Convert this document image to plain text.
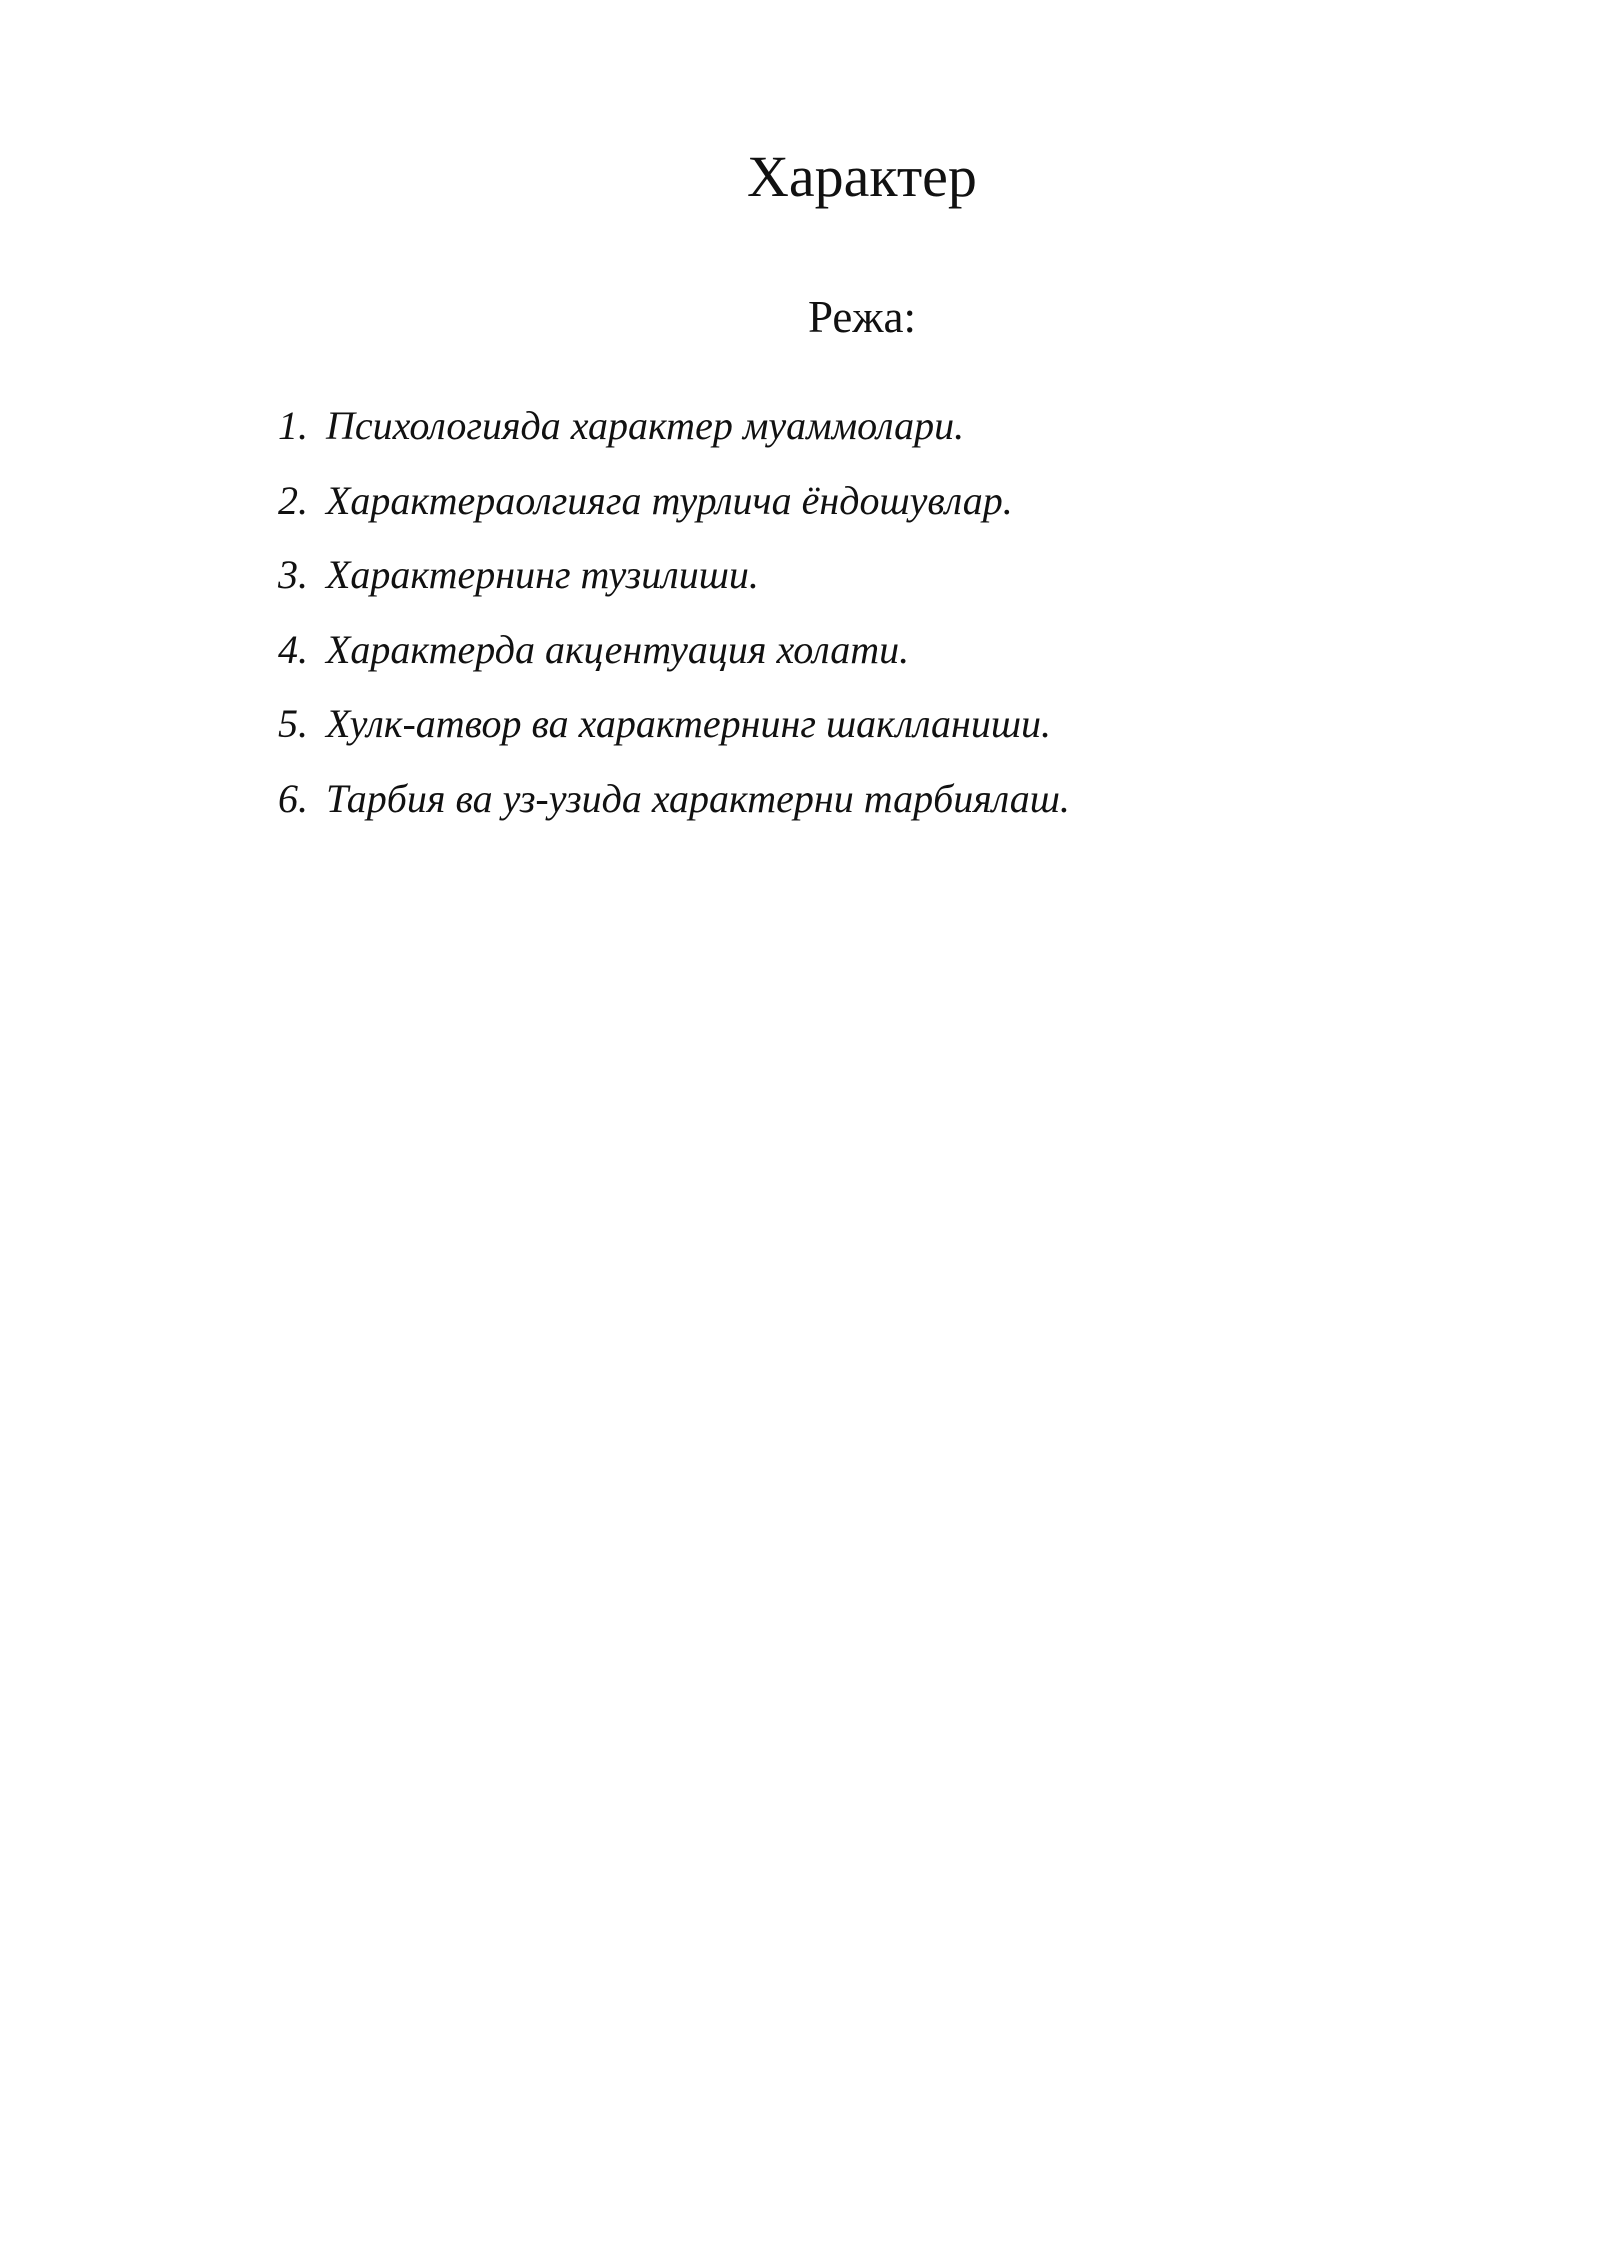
Характер
Режа:
1. Психологияда характер муаммолари.
2. Характераолгияга турлича ёндошувлар.
3. Характернинг тузилиши.
4. Характерда акцентуация холати.
5. Хулк-атвор ва характернинг шаклланиши.
6. Тарбия ва уз-узида характерни тарбиялаш.
